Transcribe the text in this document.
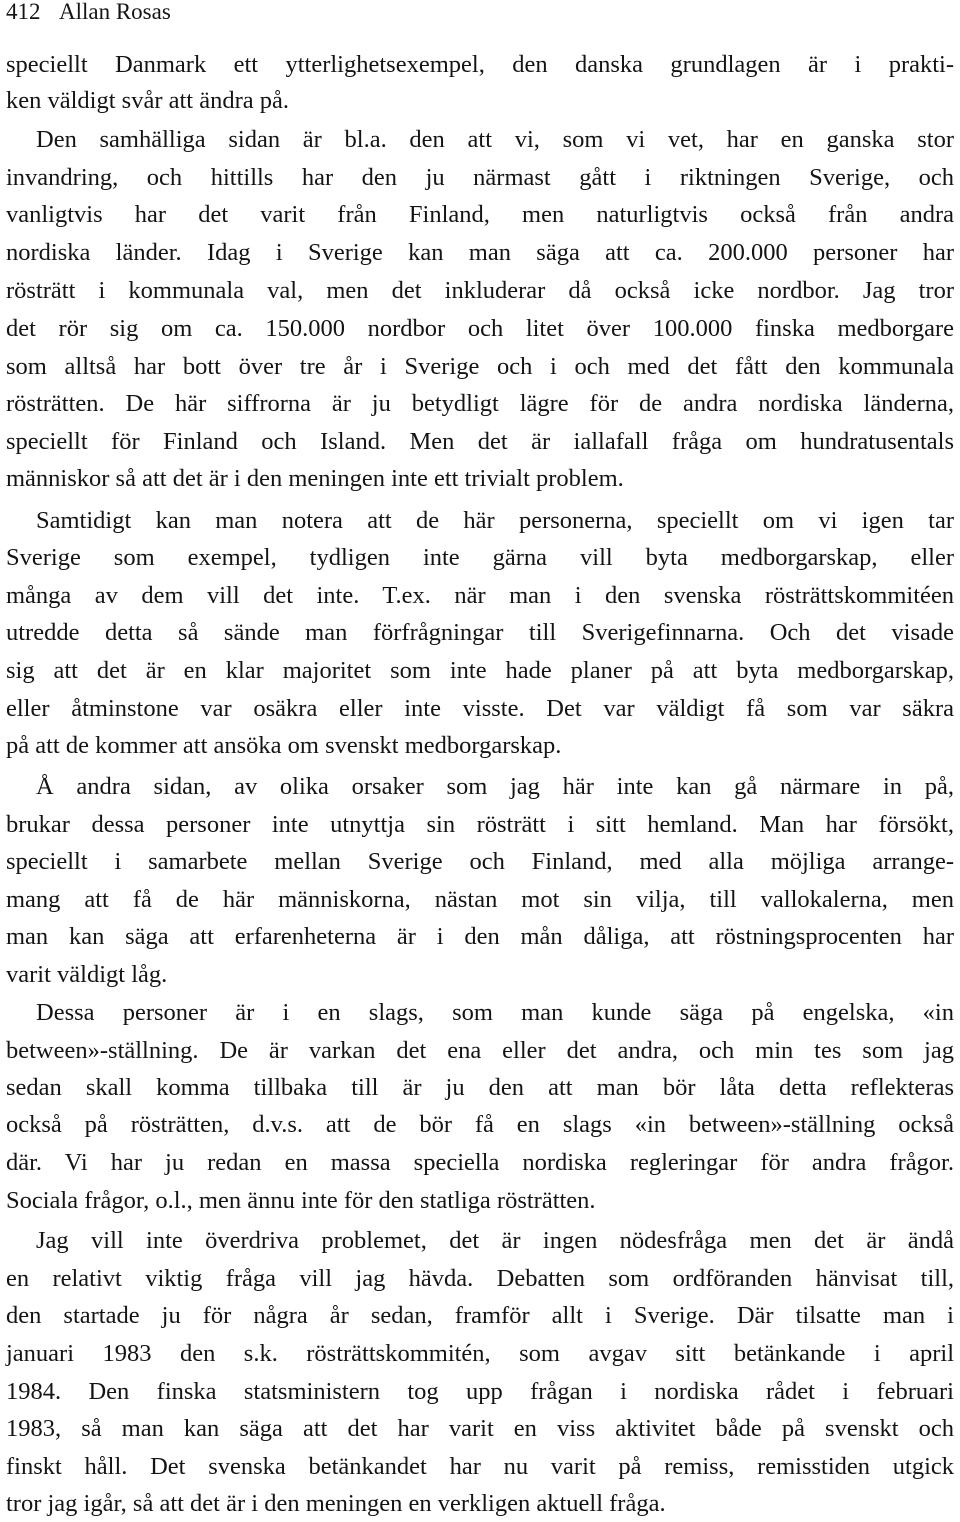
412 Allan Rosas
speciellt Danmark ett ytterlighetsexempel, den danska grundlagen är i prakti-
ken väldigt svår att ändra på.
Den samhälliga sidan är bl.a. den att vi, som vi vet, har en ganska stor
invandring, och hittills har den ju närmast gått i riktningen Sverige, och
vanligtvis har det varit från Finland, men naturligtvis också från andra
nordiska länder. Idag i Sverige kan man säga att ca. 200.000 personer har
rösträtt i kommunala val, men det inkluderar då också icke nordbor. Jag tror
det rör sig om ca. 150.000 nordbor och litet över 100.000 finska medborgare
som alltså har bott över tre år i Sverige och i och med det fått den kommunala
rösträtten. De här siffrorna är ju betydligt lägre för de andra nordiska länderna,
speciellt för Finland och Island. Men det är iallafall fråga om hundratusentals
människor så att det är i den meningen inte ett trivialt problem.
Samtidigt kan man notera att de här personerna, speciellt om vi igen tar
Sverige som exempel, tydligen inte gärna vill byta medborgarskap, eller
många av dem vill det inte. T.ex. när man i den svenska rösträttskommitéen
utredde detta så sände man förfrågningar till Sverigefinnarna. Och det visade
sig att det är en klar majoritet som inte hade planer på att byta medborgarskap,
eller åtminstone var osäkra eller inte visste. Det var väldigt få som var säkra
på att de kommer att ansöka om svenskt medborgarskap.
Å andra sidan, av olika orsaker som jag här inte kan gå närmare in på,
brukar dessa personer inte utnyttja sin rösträtt i sitt hemland. Man har försökt,
speciellt i samarbete mellan Sverige och Finland, med alla möjliga arrange-
mang att få de här människorna, nästan mot sin vilja, till vallokalerna, men
man kan säga att erfarenheterna är i den mån dåliga, att röstningsprocenten har
varit väldigt låg.
Dessa personer är i en slags, som man kunde säga på engelska, «in
between»-ställning. De är varkan det ena eller det andra, och min tes som jag
sedan skall komma tillbaka till är ju den att man bör låta detta reflekteras
också på rösträtten, d.v.s. att de bör få en slags «in between»-ställning också
där. Vi har ju redan en massa speciella nordiska regleringar för andra frågor.
Sociala frågor, o.l., men ännu inte för den statliga rösträtten.
Jag vill inte överdriva problemet, det är ingen nödesfråga men det är ändå
en relativt viktig fråga vill jag hävda. Debatten som ordföranden hänvisat till,
den startade ju för några år sedan, framför allt i Sverige. Där tilsatte man i
januari 1983 den s.k. rösträttskommitén, som avgav sitt betänkande i april
1984. Den finska statsministern tog upp frågan i nordiska rådet i februari
1983, så man kan säga att det har varit en viss aktivitet både på svenskt och
finskt håll. Det svenska betänkandet har nu varit på remiss, remisstiden utgick
tror jag igår, så att det är i den meningen en verkligen aktuell fråga.
